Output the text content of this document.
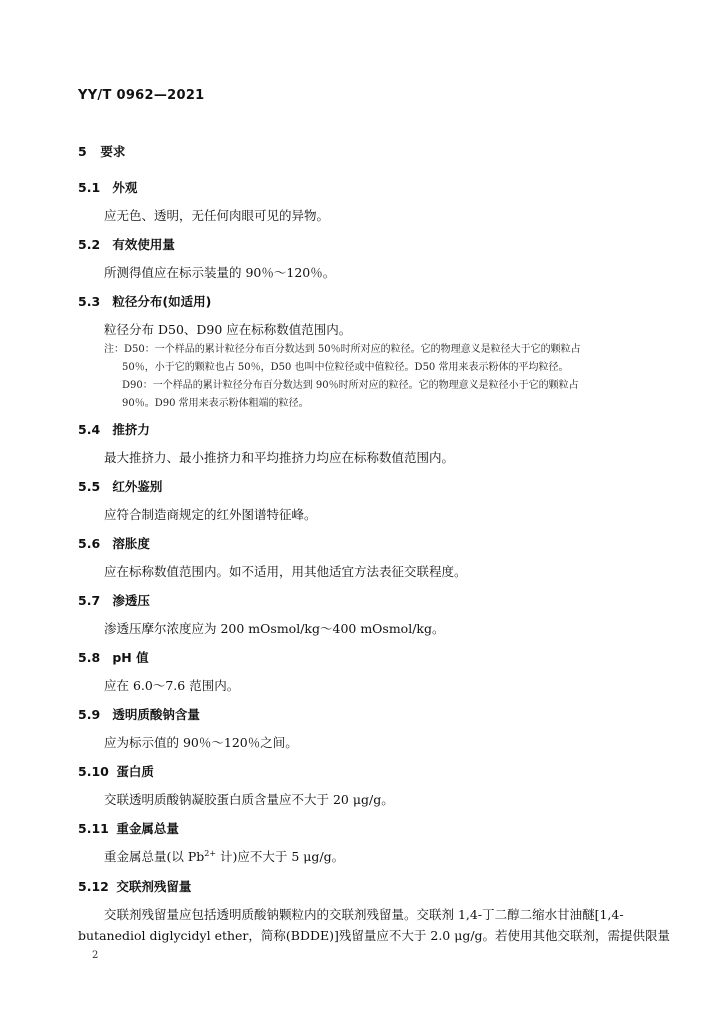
YY/T 0962—2021
5 要求
5.1 外观
应无色、透明，无任何肉眼可见的异物。
5.2 有效使用量
所测得值应在标示装量的 90％～120％。
5.3 粒径分布(如适用)
粒径分布 D50、D90 应在标称数值范围内。
注：D50：一个样品的累计粒径分布百分数达到 50％时所对应的粒径。它的物理意义是粒径大于它的颗粒占
50％，小于它的颗粒也占 50％，D50 也叫中位粒径或中值粒径。D50 常用来表示粉体的平均粒径。
D90：一个样品的累计粒径分布百分数达到 90％时所对应的粒径。它的物理意义是粒径小于它的颗粒占
90％。D90 常用来表示粉体粗端的粒径。
5.4 推挤力
最大推挤力、最小推挤力和平均推挤力均应在标称数值范围内。
5.5 红外鉴别
应符合制造商规定的红外图谱特征峰。
5.6 溶胀度
应在标称数值范围内。如不适用，用其他适宜方法表征交联程度。
5.7 渗透压
渗透压摩尔浓度应为 200 mOsmol/kg～400 mOsmol/kg。
5.8 pH 值
应在 6.0～7.6 范围内。
5.9 透明质酸钠含量
应为标示值的 90％～120％之间。
5.10 蛋白质
交联透明质酸钠凝胶蛋白质含量应不大于 20 μg/g。
5.11 重金属总量
重金属总量(以 $Pb^{2+}$ 计)应不大于 5 μg/g。
5.12 交联剂残留量
交联剂残留量应包括透明质酸钠颗粒内的交联剂残留量。交联剂 1,4-丁二醇二缩水甘油醚[1,4-
butanediol diglycidyl ether，简称(BDDE)]残留量应不大于 2.0 μg/g。若使用其他交联剂，需提供限量
2
